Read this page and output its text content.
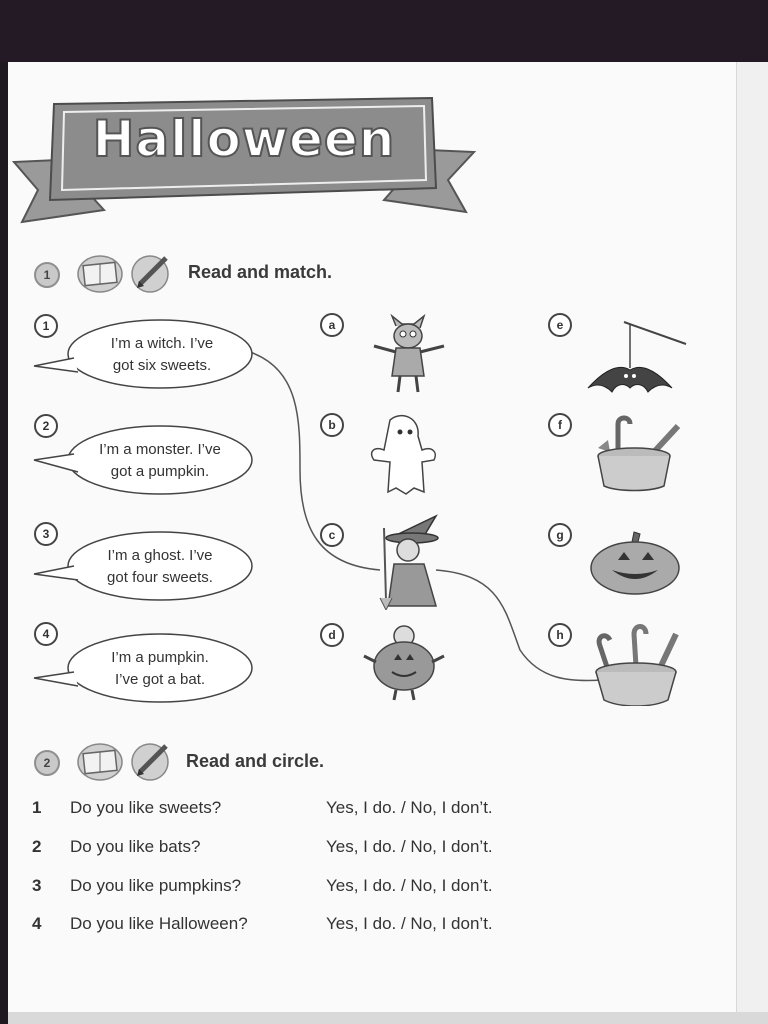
Halloween
1	Read and match.
1
I’m a witch. I’ve
got six sweets.
2
I’m a monster. I’ve
got a pumpkin.
3
I’m a ghost. I’ve
got four sweets.
4
I’m a pumpkin.
I’ve got a bat.
a
b
c
d
e
f
g
h
2	Read and circle.
1 Do you like sweets?	Yes, I do. / No, I don’t.
2 Do you like bats?	Yes, I do. / No, I don’t.
3 Do you like pumpkins?	Yes, I do. / No, I don’t.
4 Do you like Halloween?	Yes, I do. / No, I don’t.
